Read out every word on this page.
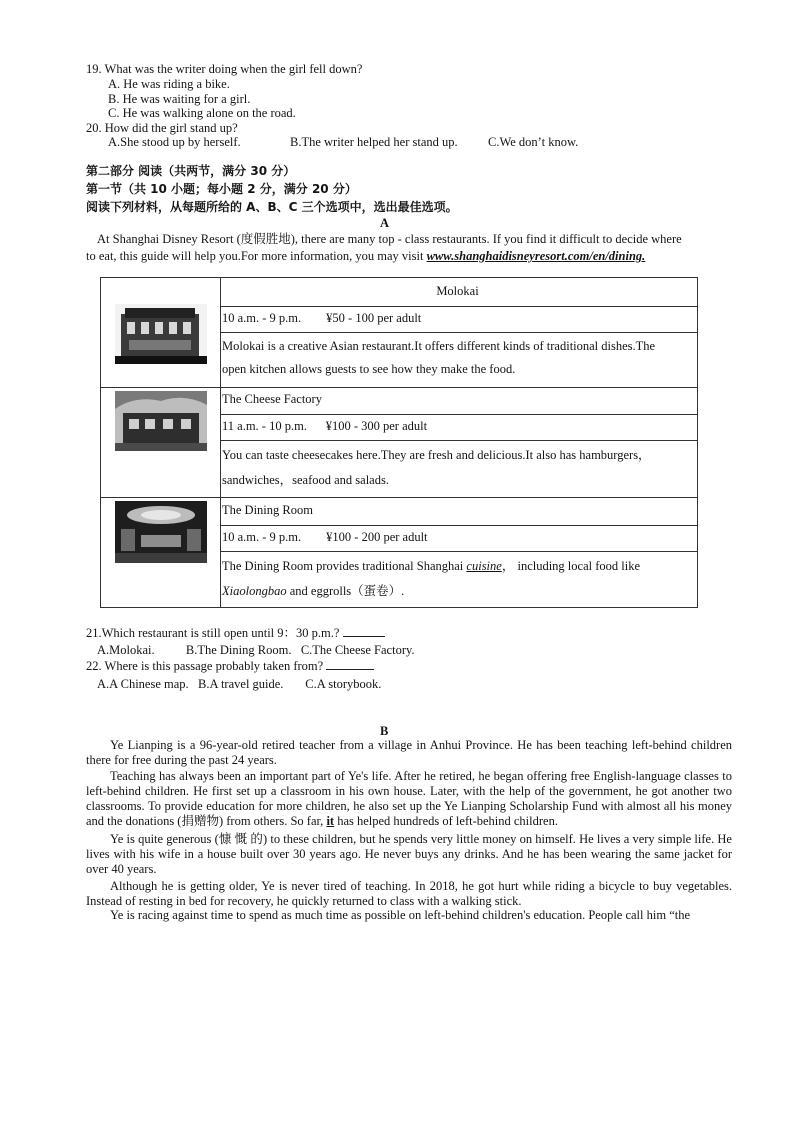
19. What was the writer doing when the girl fell down?
A. He was riding a bike.
B. He was waiting for a girl.
C. He was walking alone on the road.
20. How did the girl stand up?
A.She stood up by herself.	B.The writer helped her stand up. C.We don’t know.
第二部分 阅读（共两节，满分 30 分）
第一节（共 10 小题；每小题 2 分，满分 20 分）
阅读下列材料，从每题所给的 A、B、C 三个选项中，选出最佳选项。
A
At Shanghai Disney Resort (度假胜地), there are many top - class restaurants. If you find it difficult to decide where
to eat, this guide will help you.For more information, you may visit www.shanghaidisneyresort.com/en/dining.
Molokai
10 a.m. - 9 p.m.        ¥50 - 100 per adult
Molokai is a creative Asian restaurant.It offers different kinds of traditional dishes.The
open kitchen allows guests to see how they make the food.
The Cheese Factory
11 a.m. - 10 p.m.      ¥100 - 300 per adult
You can taste cheesecakes here.They are fresh and delicious.It also has hamburgers，
sandwiches，seafood and salads.
The Dining Room
10 a.m. - 9 p.m.        ¥100 - 200 per adult
The Dining Room provides traditional Shanghai cuisine， including local food like
Xiaolongbao and eggrolls（蛋卷）.
21.Which restaurant is still open until 9：30 p.m.?
A.Molokai.          B.The Dining Room.   C.The Cheese Factory.
22. Where is this passage probably taken from?
A.A Chinese map.   B.A travel guide.       C.A storybook.
B
Ye Lianping is a 96-year-old retired teacher from a village in Anhui Province. He has been teaching left-behind children there for free during the past 24 years.
Teaching has always been an important part of Ye's life. After he retired, he began offering free English-language classes to left-behind children. He first set up a classroom in his own house. Later, with the help of the government, he got another two classrooms. To provide education for more children, he also set up the Ye Lianping Scholarship Fund with almost all his money and the donations (捐赠物) from others. So far, it has helped hundreds of left-behind children.
Ye is quite generous (慷 慨 的) to these children, but he spends very little money on himself. He lives a very simple life. He lives with his wife in a house built over 30 years ago. He never buys any drinks. And he has been wearing the same jacket for over 40 years.
Although he is getting older, Ye is never tired of teaching. In 2018, he got hurt while riding a bicycle to buy vegetables. Instead of resting in bed for recovery, he quickly returned to class with a walking stick.
Ye is racing against time to spend as much time as possible on left-behind children's education. People call him “the
